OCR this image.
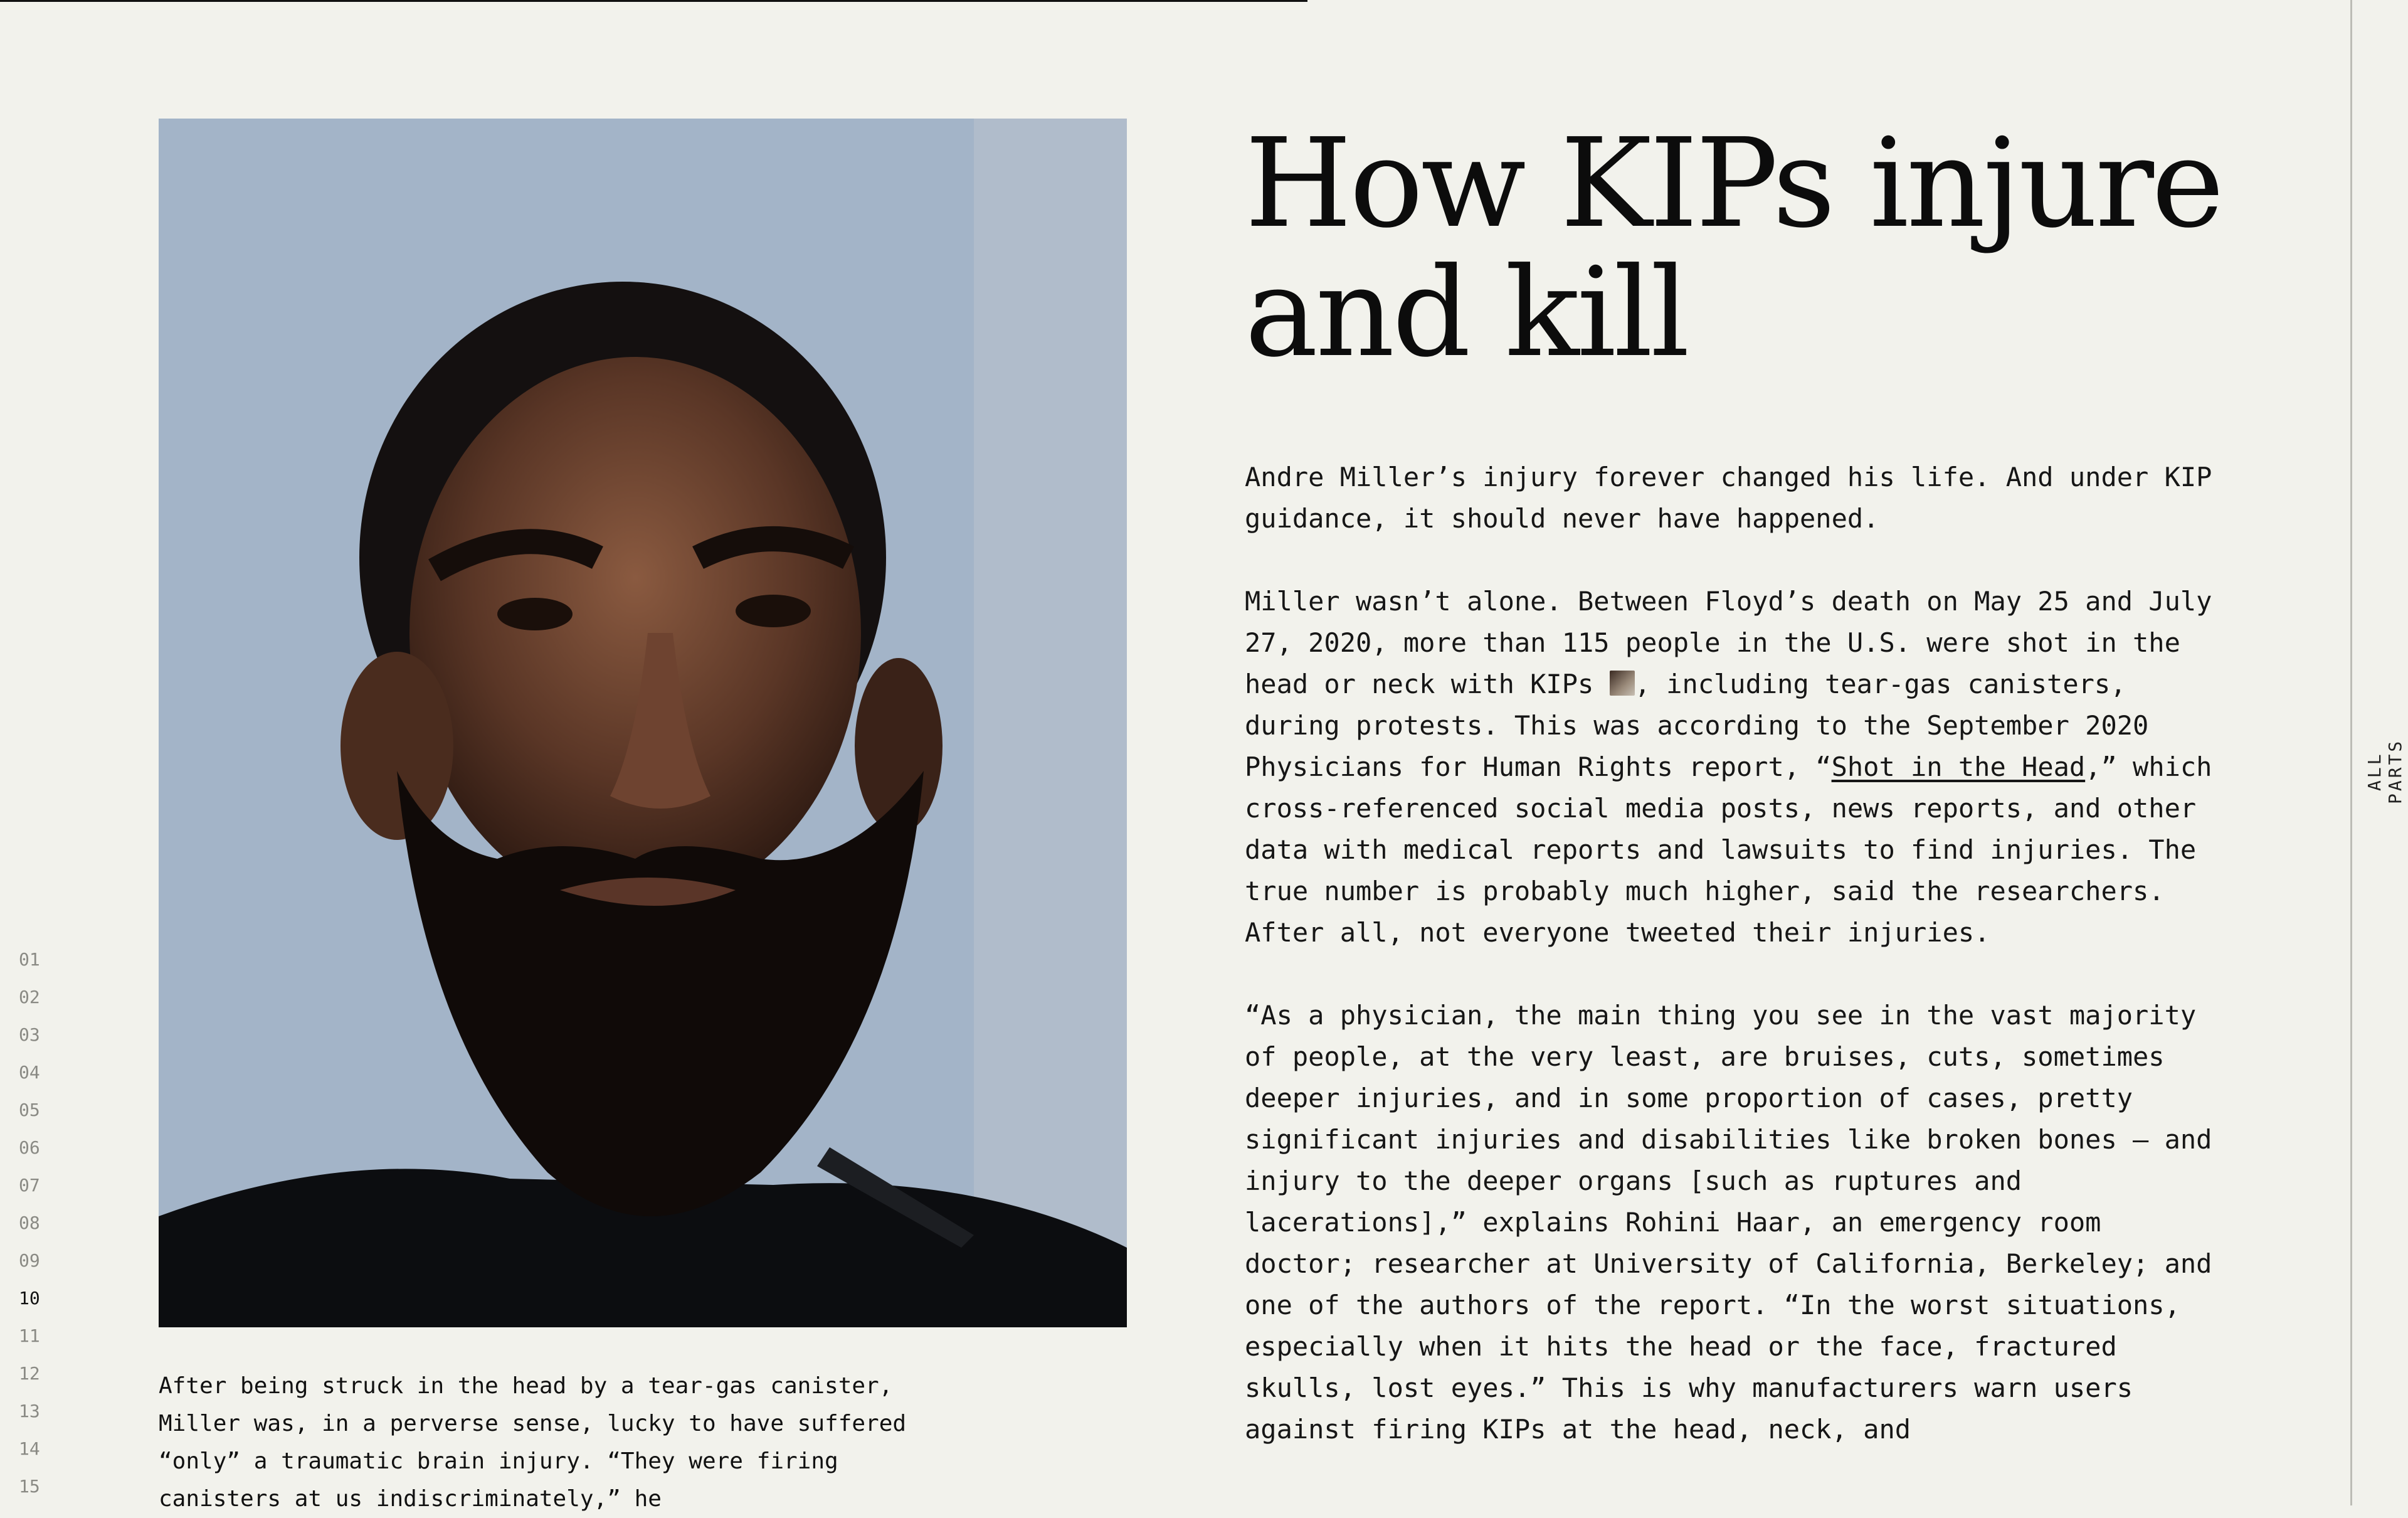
After being struck in the head by a tear-gas canister, Miller was, in a perverse sense, lucky to have suffered “only” a traumatic brain injury. “They were firing canisters at us indiscriminately,” he
How KIPs injure
and kill

Andre Miller’s injury forever changed his life. And under KIP guidance, it should never have happened.

Miller wasn’t alone. Between Floyd’s death on May 25 and July 27, 2020, more than 115 people in the U.S. were shot in the head or neck with KIPs , including tear-gas canisters, during protests. This was according to the September 2020 Physicians for Human Rights report, “Shot in the Head,” which cross-referenced social media posts, news reports, and other data with medical reports and lawsuits to find injuries. The true number is probably much higher, said the researchers. After all, not everyone tweeted their injuries.

“As a physician, the main thing you see in the vast majority of people, at the very least, are bruises, cuts, sometimes deeper injuries, and in some proportion of cases, pretty significant injuries and disabilities like broken bones — and injury to the deeper organs [such as ruptures and lacerations],” explains Rohini Haar, an emergency room doctor; researcher at University of California, Berkeley; and one of the authors of the report. “In the worst situations, especially when it hits the head or the face, fractured skulls, lost eyes.” This is why manufacturers warn users against firing KIPs at the head, neck, and

01
02
03
04
05
06
07
08
09
10
11
12
13
14
15
ALL PARTS
